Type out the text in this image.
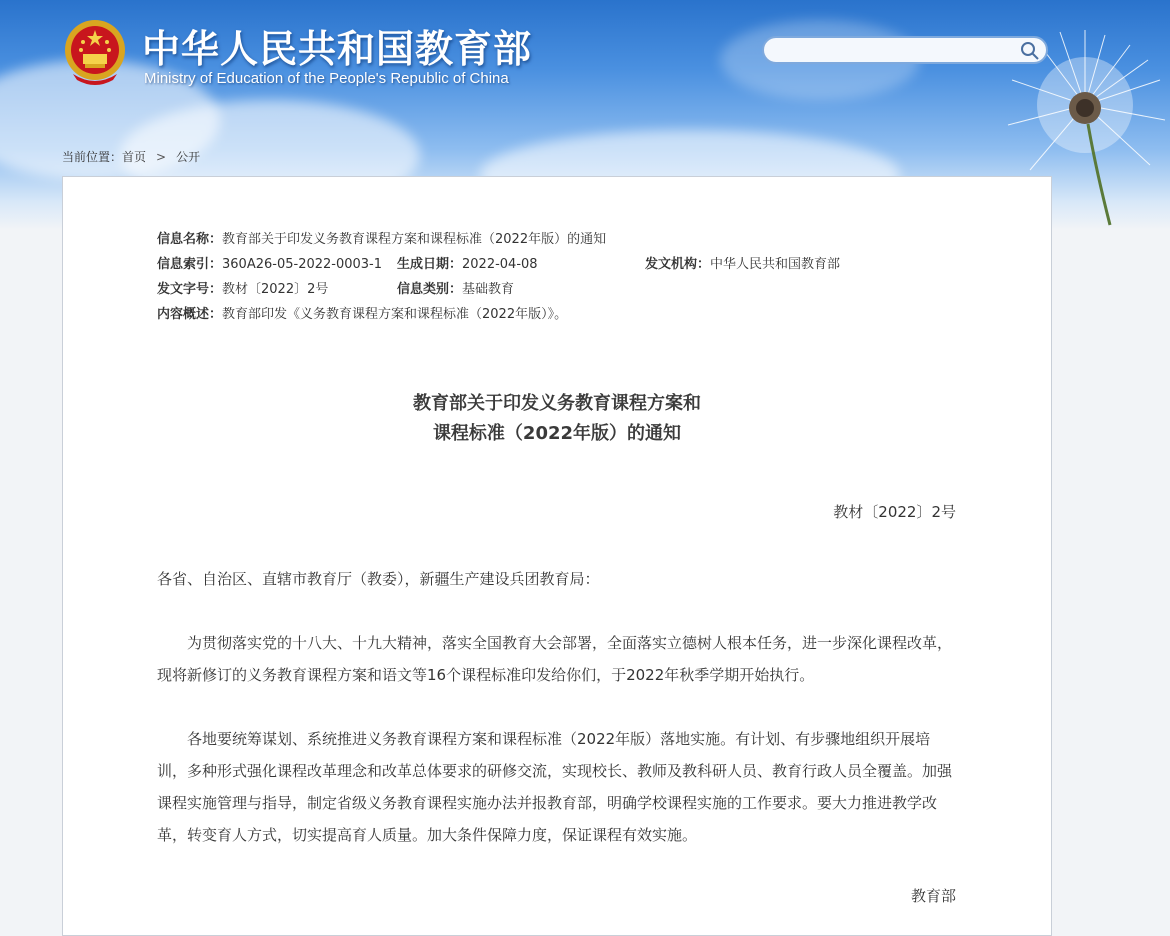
中华人民共和国教育部
Ministry of Education of the People's Republic of China
当前位置：首页 > 公开
信息名称：教育部关于印发义务教育课程方案和课程标准（2022年版）的通知
信息索引：360A26-05-2022-0003-1 生成日期：2022-04-08	发文机构：中华人民共和国教育部
发文字号：教材〔2022〕2号	信息类别：基础教育
内容概述：教育部印发《义务教育课程方案和课程标准（2022年版）》。
教育部关于印发义务教育课程方案和
课程标准（2022年版）的通知
教材〔2022〕2号
各省、自治区、直辖市教育厅（教委），新疆生产建设兵团教育局：
为贯彻落实党的十八大、十九大精神，落实全国教育大会部署，全面落实立德树人根本任务，进一步深化课程改革，现将新修订的义务教育课程方案和语文等16个课程标准印发给你们，于2022年秋季学期开始执行。
各地要统筹谋划、系统推进义务教育课程方案和课程标准（2022年版）落地实施。有计划、有步骤地组织开展培训，多种形式强化课程改革理念和改革总体要求的研修交流，实现校长、教师及教科研人员、教育行政人员全覆盖。加强课程实施管理与指导，制定省级义务教育课程实施办法并报教育部，明确学校课程实施的工作要求。要大力推进教学改革，转变育人方式，切实提高育人质量。加大条件保障力度，保证课程有效实施。
教育部
